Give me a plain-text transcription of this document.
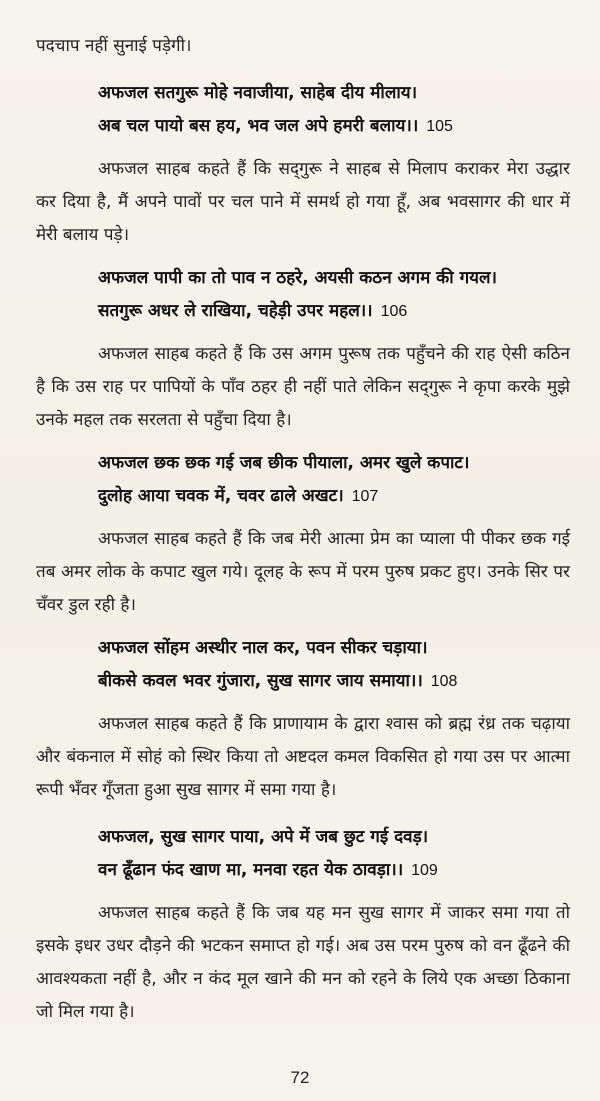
पदचाप नहीं सुनाई पड़ेगी।

अफजल सतगुरू मोहे नवाजीया, साहेब दीय मीलाय।

अब चल पायो बस हय, भव जल अपे हमरी बलाय।। 105

अफजल साहब कहते हैं कि सद्‌गुरू ने साहब से मिलाप कराकर मेरा उद्धार कर दिया है, मैं अपने पावों पर चल पाने में समर्थ हो गया हूँ, अब भवसागर की धार में मेरी बलाय पड़े।

अफजल पापी का तो पाव न ठहरे, अयसी कठन अगम की गयल।

सतगुरू अधर ले राखिया, चहेड़ी उपर महल।। 106

अफजल साहब कहते हैं कि उस अगम पुरूष तक पहुँचने की राह ऐसी कठिन है कि उस राह पर पापियों के पाँव ठहर ही नहीं पाते लेकिन सद्‌गुरू ने कृपा करके मुझे उनके महल तक सरलता से पहुँचा दिया है।

अफजल छक छक गई जब छीक पीयाला, अमर खुले कपाट।

दुलोह आया चवक में, चवर ढाले अखट। 107

अफजल साहब कहते हैं कि जब मेरी आत्मा प्रेम का प्याला पी पीकर छक गई तब अमर लोक के कपाट खुल गये। दूलह के रूप में परम पुरुष प्रकट हुए। उनके सिर पर चँवर डुल रही है।

अफजल सोंहम अस्थीर नाल कर, पवन सीकर चड़ाया।

बीकसे कवल भवर गुंजारा, सुख सागर जाय समाया।। 108

अफजल साहब कहते हैं कि प्राणायाम के द्वारा श्वास को ब्रह्म रंध्र तक चढ़ाया और बंकनाल में सोहं को स्थिर किया तो अष्टदल कमल विकसित हो गया उस पर आत्मा रूपी भँवर गूँजता हुआ सुख सागर में समा गया है।

अफजल, सुख सागर पाया, अपे में जब छुट गई दवड़।

वन ढूँढान फंद खाण मा, मनवा रहत येक ठावड़ा।। 109

अफजल साहब कहते हैं कि जब यह मन सुख सागर में जाकर समा गया तो इसके इधर उधर दौड़ने की भटकन समाप्त हो गई। अब उस परम पुरुष को वन ढूँढने की आवश्यकता नहीं है, और न कंद मूल खाने की मन को रहने के लिये एक अच्छा ठिकाना जो मिल गया है।

72
